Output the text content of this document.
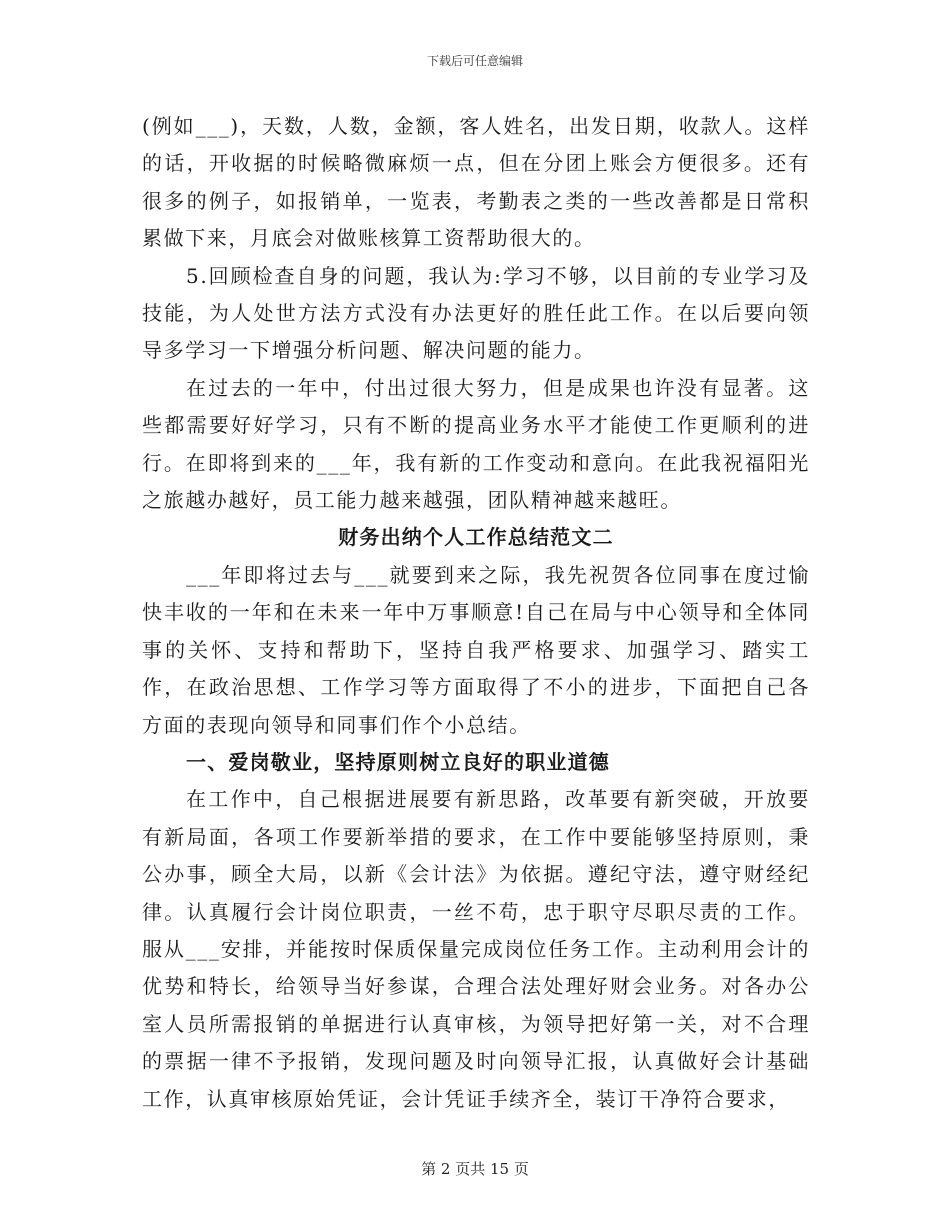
下载后可任意编辑

(例如___)，天数，人数，金额，客人姓名，出发日期，收款人。这样的话，开收据的时候略微麻烦一点，但在分团上账会方便很多。还有很多的例子，如报销单，一览表，考勤表之类的一些改善都是日常积累做下来，月底会对做账核算工资帮助很大的。

5.回顾检查自身的问题，我认为:学习不够，以目前的专业学习及技能，为人处世方法方式没有办法更好的胜任此工作。在以后要向领导多学习一下增强分析问题、解决问题的能力。

在过去的一年中，付出过很大努力，但是成果也许没有显著。这些都需要好好学习，只有不断的提高业务水平才能使工作更顺利的进行。在即将到来的___年，我有新的工作变动和意向。在此我祝福阳光之旅越办越好，员工能力越来越强，团队精神越来越旺。

财务出纳个人工作总结范文二

___年即将过去与___就要到来之际，我先祝贺各位同事在度过愉快丰收的一年和在未来一年中万事顺意!自己在局与中心领导和全体同事的关怀、支持和帮助下，坚持自我严格要求、加强学习、踏实工作，在政治思想、工作学习等方面取得了不小的进步，下面把自己各方面的表现向领导和同事们作个小总结。

一、爱岗敬业，坚持原则树立良好的职业道德

在工作中，自己根据进展要有新思路，改革要有新突破，开放要有新局面，各项工作要新举措的要求，在工作中要能够坚持原则，秉公办事，顾全大局，以新《会计法》为依据。遵纪守法，遵守财经纪律。认真履行会计岗位职责，一丝不苟，忠于职守尽职尽责的工作。服从___安排，并能按时保质保量完成岗位任务工作。主动利用会计的优势和特长，给领导当好参谋，合理合法处理好财会业务。对各办公室人员所需报销的单据进行认真审核，为领导把好第一关，对不合理的票据一律不予报销，发现问题及时向领导汇报，认真做好会计基础工作，认真审核原始凭证，会计凭证手续齐全，装订干净符合要求，

第 2 页共 15 页
